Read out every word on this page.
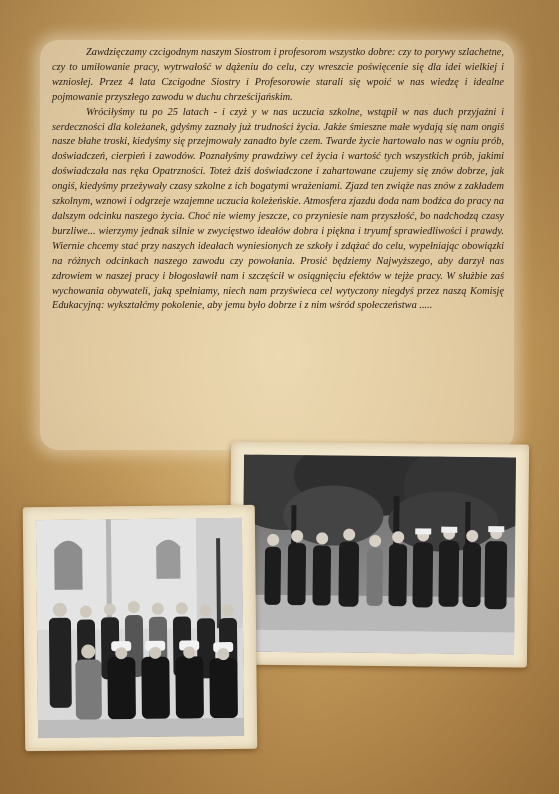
Zawdzięczamy czcigodnym naszym Siostrom i profesorom wszystko dobre: czy to porywy szlachetne, czy to umiłowanie pracy, wytrwałość w dążeniu do celu, czy wreszcie poświęcenie się dla idei wielkiej i wzniosłej. Przez 4 lata Czcigodne Siostry i Profesorowie starali się wpoić w nas wiedzę i idealne pojmowanie przyszłego zawodu w duchu chrześcijańskim.

Wróciłyśmy tu po 25 latach - i czyż y w nas uczucia szkolne, wstąpił w nas duch przyjaźni i serdeczności dla koleżanek, gdyśmy zaznały już trudności życia. Jakże śmieszne małe wydają się nam ongiś nasze błahe troski, kiedyśmy się przejmowały zanadto byle czem. Twarde życie hartowało nas w ogniu prób, doświadczeń, cierpień i zawodów. Poznałyśmy prawdziwy cel życia i wartość tych wszystkich prób, jakimi doświadczała nas ręka Opatrzności. Toteż dziś doświadczone i zahartowane czujemy się znów dobrze, jak ongiś, kiedyśmy przeżywały czasy szkolne z ich bogatymi wrażeniami. Zjazd ten zwiąże nas znów z zakładem szkolnym, wznowi i odgrzeje wzajemne uczucia koleżeńskie. Atmosfera zjazdu doda nam bodźca do pracy na dalszym odcinku naszego życia. Choć nie wiemy jeszcze, co przyniesie nam przyszłość, bo nadchodzą czasy burzliwe... wierzymy jednak silnie w zwycięstwo ideałów dobra i piękna i tryumf sprawiedliwości i prawdy. Wiernie chcemy stać przy naszych ideałach wyniesionych ze szkoły i zdążać do celu, wypełniając obowiązki na różnych odcinkach naszego zawodu czy powołania. Prosić będziemy Najwyższego, aby darzył nas zdrowiem w naszej pracy i błogosławił nam i szczęścił w osiągnięciu efektów w tejże pracy. W służbie zaś wychowania obywateli, jaką spełniamy, niech nam przyświeca cel wytyczony niegdyś przez naszą Komisję Edukacyjną: wykształćmy pokolenie, aby jemu było dobrze i z nim wśród społeczeństwa .....
